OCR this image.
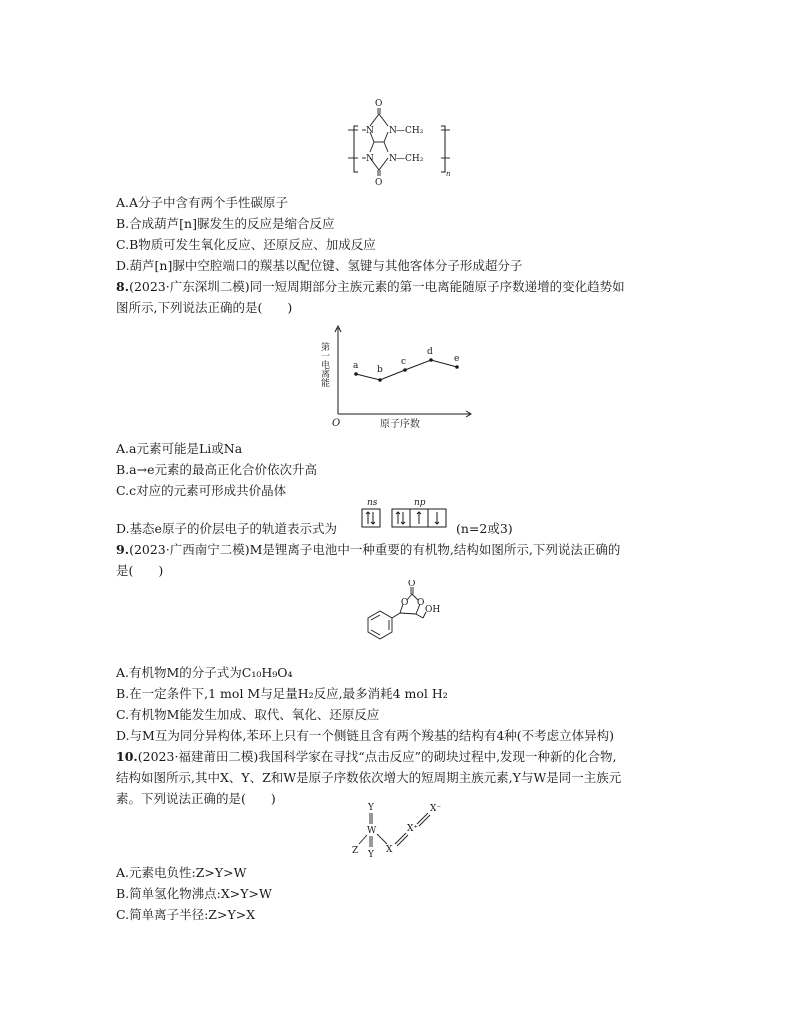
O
N N
N N
—CH₂
—CH₂
O
n
A.A分子中含有两个手性碳原子
B.合成葫芦[n]脲发生的反应是缩合反应
C.B物质可发生氧化反应、还原反应、加成反应
D.葫芦[n]脲中空腔端口的羰基以配位键、氢键与其他客体分子形成超分子
8.(2023·广东深圳二模)同一短周期部分主族元素的第一电离能随原子序数递增的变化趋势如
图所示,下列说法正确的是(　　)
a b
c
d
e
第一电离能
O	原子序数
A.a元素可能是Li或Na
B.a→e元素的最高正化合价依次升高
C.c对应的元素可形成共价晶体
D.基态e原子的价层电子的轨道表示式为
ns	np
(n=2或3)
9.(2023·广西南宁二模)M是锂离子电池中一种重要的有机物,结构如图所示,下列说法正确的
是(　　)
O
O O
OH
A.有机物M的分子式为C₁₀H₉O₄
B.在一定条件下,1 mol M与足量H₂反应,最多消耗4 mol H₂
C.有机物M能发生加成、取代、氧化、还原反应
D.与M互为同分异构体,苯环上只有一个侧链且含有两个羧基的结构有4种(不考虑立体异构)
10.(2023·福建莆田二模)我国科学家在寻找“点击反应”的砌块过程中,发现一种新的化合物,
结构如图所示,其中X、Y、Z和W是原子序数依次增大的短周期主族元素,Y与W是同一主族元
素。下列说法正确的是(　　)
Y
W
Y
Z	X
X⁺
X⁻
A.元素电负性:Z>Y>W
B.简单氢化物沸点:X>Y>W
C.简单离子半径:Z>Y>X
